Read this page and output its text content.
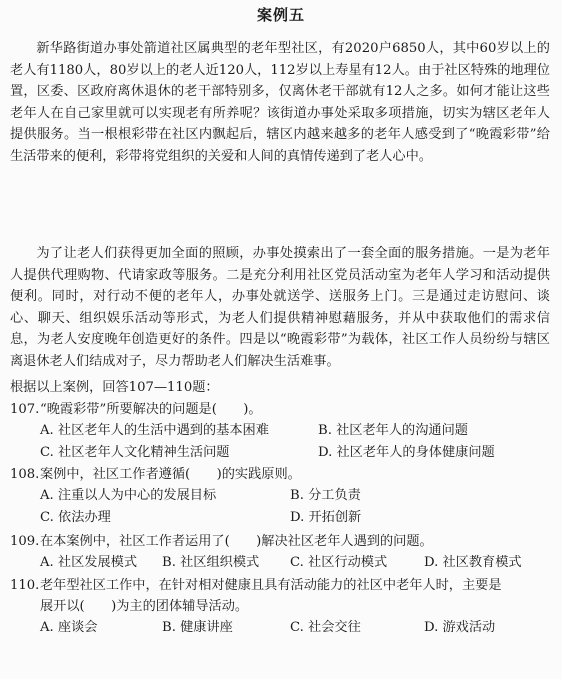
案例五

新华路街道办事处箭道社区属典型的老年型社区，有2020户6850人，其中60岁以上的老人有1180人，80岁以上的老人近120人，112岁以上寿星有12人。由于社区特殊的地理位置，区委、区政府离休退休的老干部特别多，仅离休老干部就有12人之多。如何才能让这些老年人在自己家里就可以实现老有所养呢？该街道办事处采取多项措施，切实为辖区老年人提供服务。当一根根彩带在社区内飘起后，辖区内越来越多的老年人感受到了“晚霞彩带”给生活带来的便利，彩带将党组织的关爱和人间的真情传递到了老人心中。

为了让老人们获得更加全面的照顾，办事处摸索出了一套全面的服务措施。一是为老年人提供代理购物、代请家政等服务。二是充分利用社区党员活动室为老年人学习和活动提供便利。同时，对行动不便的老年人，办事处就送学、送服务上门。三是通过走访慰问、谈心、聊天、组织娱乐活动等形式，为老人们提供精神慰藉服务，并从中获取他们的需求信息，为老人安度晚年创造更好的条件。四是以“晚霞彩带”为载体，社区工作人员纷纷与辖区离退休老人们结成对子，尽力帮助老人们解决生活难事。

根据以上案例，回答107—110题：
107.“晚霞彩带”所要解决的问题是(　　)。
A. 社区老年人的生活中遇到的基本困难	B. 社区老年人的沟通问题
C. 社区老年人文化精神生活问题	D. 社区老年人的身体健康问题
108.案例中，社区工作者遵循(　　)的实践原则。
A. 注重以人为中心的发展目标	B. 分工负责
C. 依法办理	D. 开拓创新
109.在本案例中，社区工作者运用了(　　)解决社区老年人遇到的问题。
A. 社区发展模式 B. 社区组织模式 C. 社区行动模式	D. 社区教育模式
110.老年型社区工作中，在针对相对健康且具有活动能力的社区中老年人时，主要是
展开以(　　)为主的团体辅导活动。
A. 座谈会	B. 健康讲座	C. 社会交往	D. 游戏活动
